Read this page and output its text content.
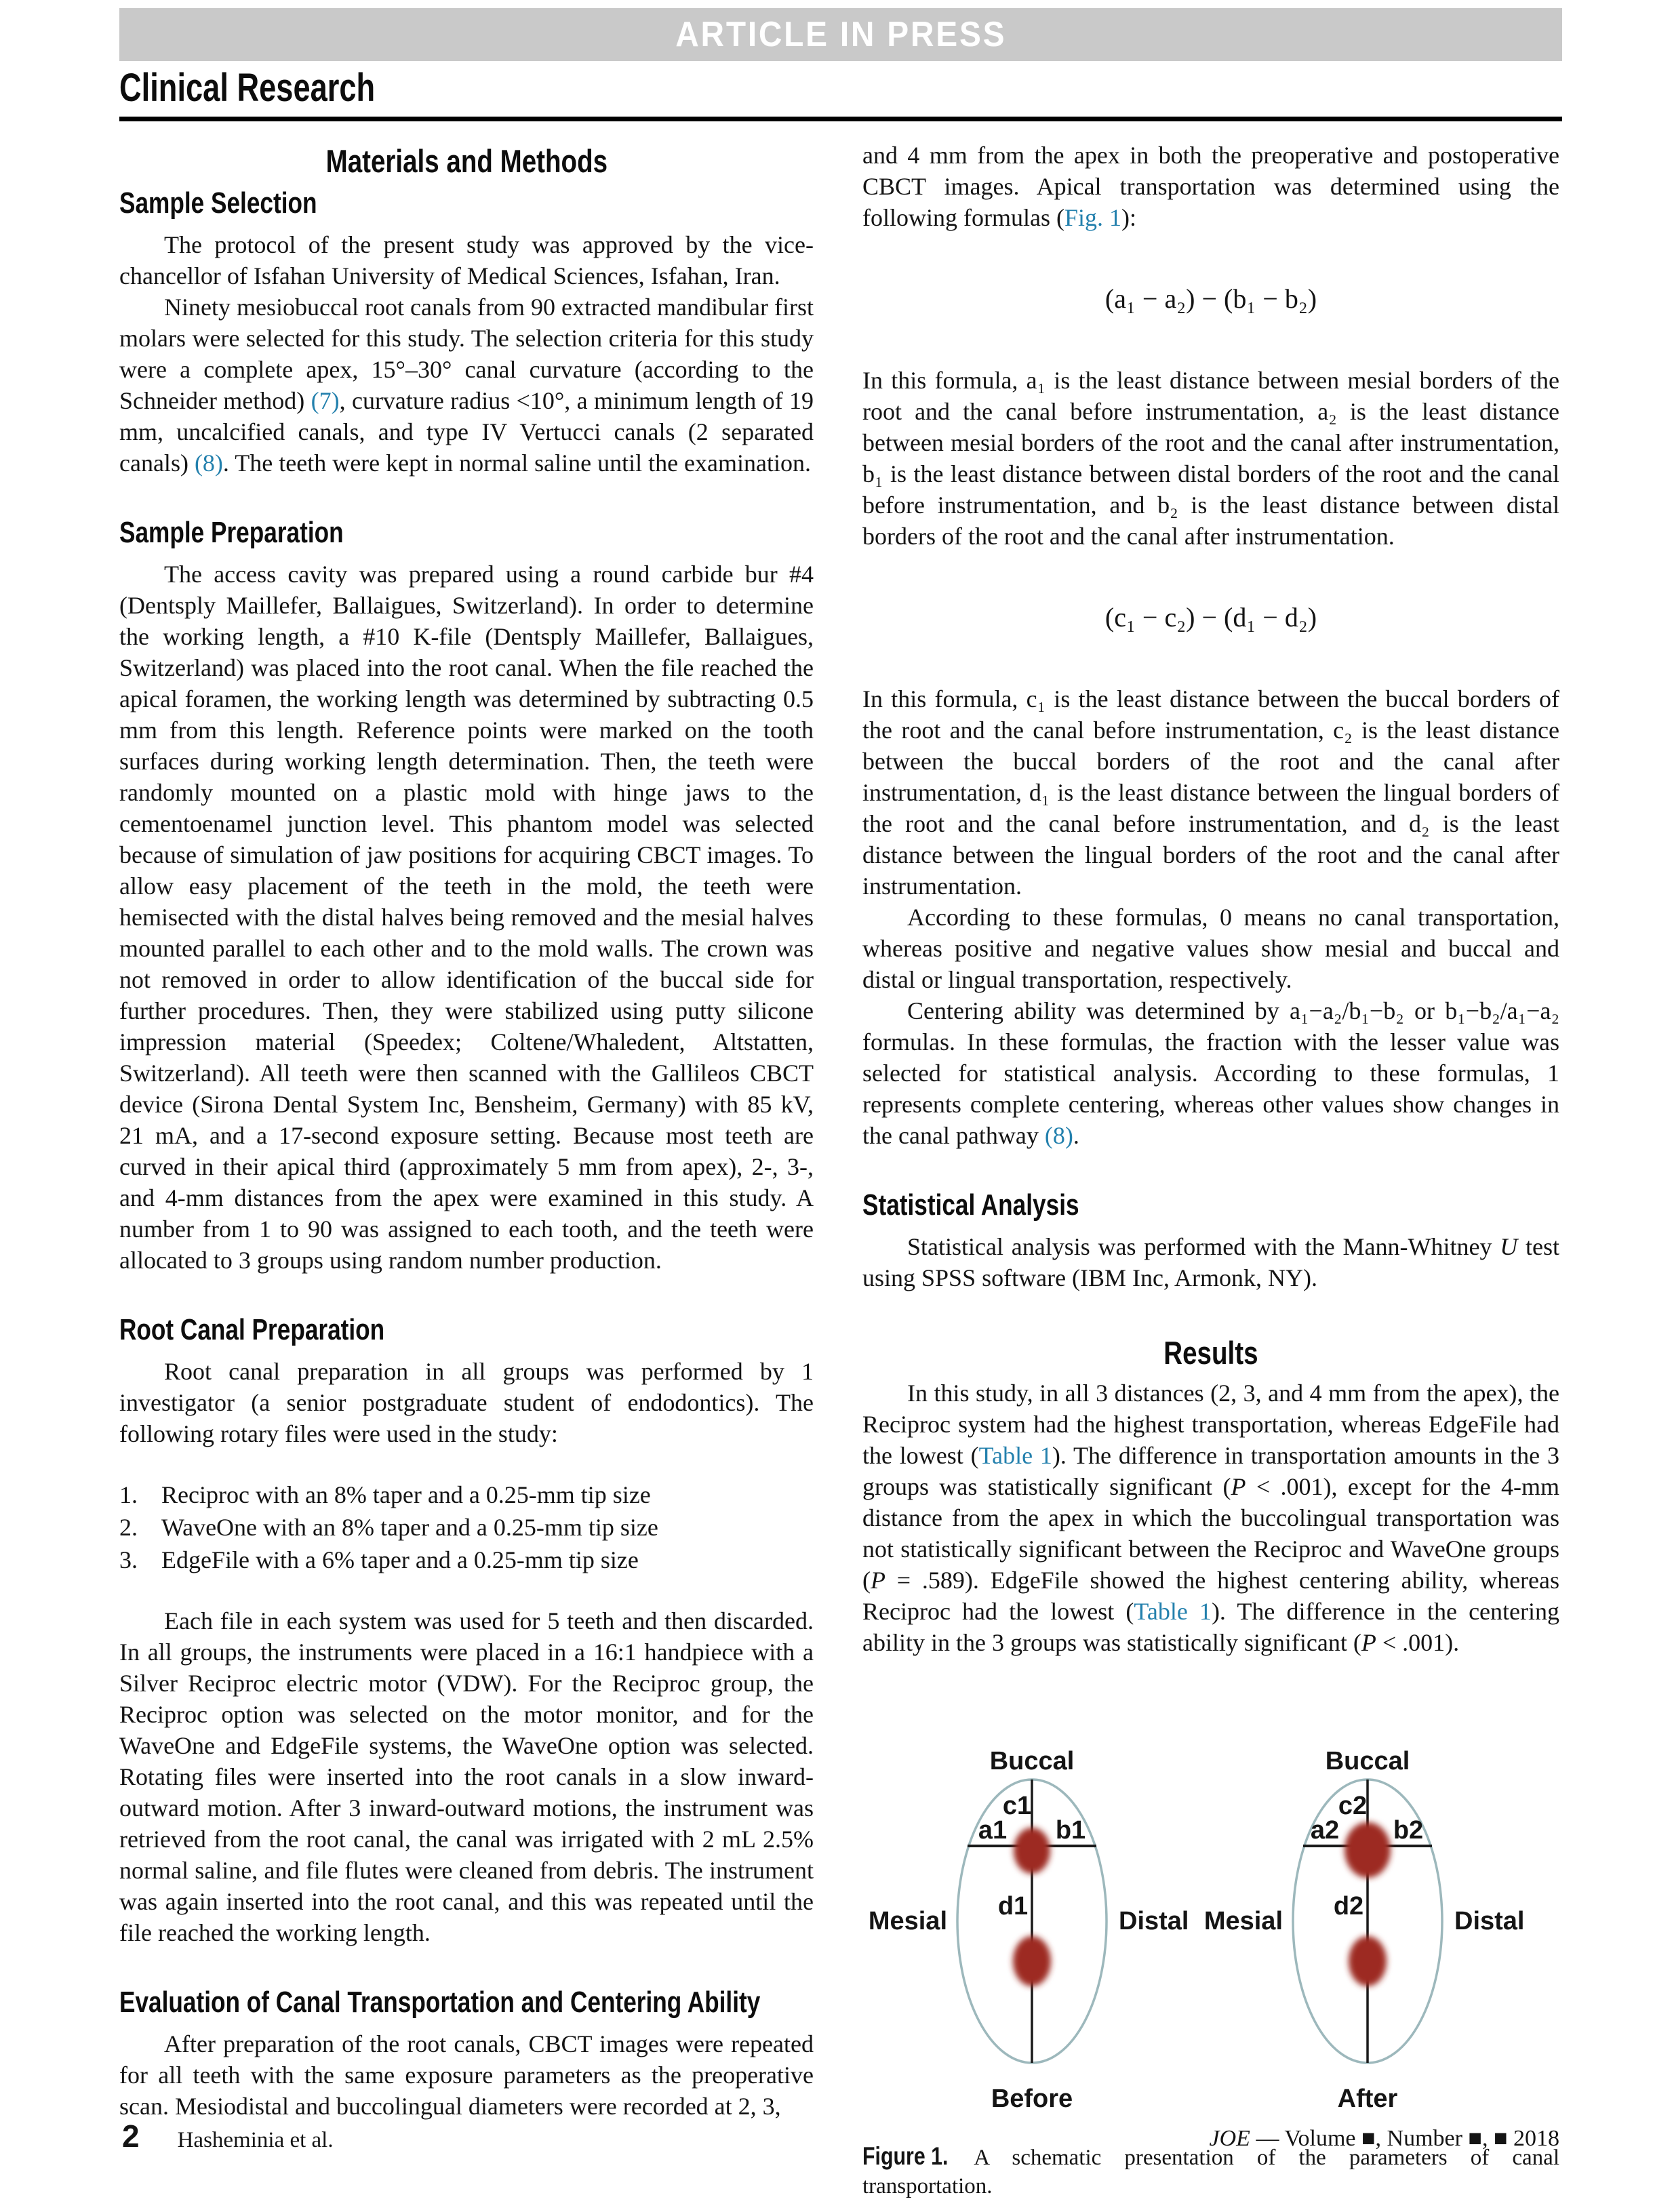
ARTICLE IN PRESS
Clinical Research
Materials and Methods
Sample Selection

The protocol of the present study was approved by the vice-chancellor of Isfahan University of Medical Sciences, Isfahan, Iran.

Ninety mesiobuccal root canals from 90 extracted mandibular first molars were selected for this study. The selection criteria for this study were a complete apex, 15°–30° canal curvature (according to the Schneider method) (7), curvature radius <10°, a minimum length of 19 mm, uncalcified canals, and type IV Vertucci canals (2 separated canals) (8). The teeth were kept in normal saline until the examination.

Sample Preparation

The access cavity was prepared using a round carbide bur #4 (Dentsply Maillefer, Ballaigues, Switzerland). In order to determine the working length, a #10 K-file (Dentsply Maillefer, Ballaigues, Switzerland) was placed into the root canal. When the file reached the apical foramen, the working length was determined by subtracting 0.5 mm from this length. Reference points were marked on the tooth surfaces during working length determination. Then, the teeth were randomly mounted on a plastic mold with hinge jaws to the cementoenamel junction level. This phantom model was selected because of simulation of jaw positions for acquiring CBCT images. To allow easy placement of the teeth in the mold, the teeth were hemisected with the distal halves being removed and the mesial halves mounted parallel to each other and to the mold walls. The crown was not removed in order to allow identification of the buccal side for further procedures. Then, they were stabilized using putty silicone impression material (Speedex; Coltene/Whaledent, Altstatten, Switzerland). All teeth were then scanned with the Gallileos CBCT device (Sirona Dental System Inc, Bensheim, Germany) with 85 kV, 21 mA, and a 17-second exposure setting. Because most teeth are curved in their apical third (approximately 5 mm from apex), 2-, 3-, and 4-mm distances from the apex were examined in this study. A number from 1 to 90 was assigned to each tooth, and the teeth were allocated to 3 groups using random number production.

Root Canal Preparation

Root canal preparation in all groups was performed by 1 investigator (a senior postgraduate student of endodontics). The following rotary files were used in the study:

1. Reciproc with an 8% taper and a 0.25-mm tip size
2. WaveOne with an 8% taper and a 0.25-mm tip size
3. EdgeFile with a 6% taper and a 0.25-mm tip size

Each file in each system was used for 5 teeth and then discarded. In all groups, the instruments were placed in a 16:1 handpiece with a Silver Reciproc electric motor (VDW). For the Reciproc group, the Reciproc option was selected on the motor monitor, and for the WaveOne and EdgeFile systems, the WaveOne option was selected. Rotating files were inserted into the root canals in a slow inward-outward motion. After 3 inward-outward motions, the instrument was retrieved from the root canal, the canal was irrigated with 2 mL 2.5% normal saline, and file flutes were cleaned from debris. The instrument was again inserted into the root canal, and this was repeated until the file reached the working length.

Evaluation of Canal Transportation and Centering Ability

After preparation of the root canals, CBCT images were repeated for all teeth with the same exposure parameters as the preoperative scan. Mesiodistal and buccolingual diameters were recorded at 2, 3,

and 4 mm from the apex in both the preoperative and postoperative CBCT images. Apical transportation was determined using the following formulas (Fig. 1):

(a₁ − a₂) − (b₁ − b₂)

In this formula, a₁ is the least distance between mesial borders of the root and the canal before instrumentation, a₂ is the least distance between mesial borders of the root and the canal after instrumentation, b₁ is the least distance between distal borders of the root and the canal before instrumentation, and b₂ is the least distance between distal borders of the root and the canal after instrumentation.

(c₁ − c₂) − (d₁ − d₂)

In this formula, c₁ is the least distance between the buccal borders of the root and the canal before instrumentation, c₂ is the least distance between the buccal borders of the root and the canal after instrumentation, d₁ is the least distance between the lingual borders of the root and the canal before instrumentation, and d₂ is the least distance between the lingual borders of the root and the canal after instrumentation.

According to these formulas, 0 means no canal transportation, whereas positive and negative values show mesial and buccal and distal or lingual transportation, respectively.

Centering ability was determined by a₁−a₂/b₁−b₂ or b₁−b₂/a₁−a₂ formulas. In these formulas, the fraction with the lesser value was selected for statistical analysis. According to these formulas, 1 represents complete centering, whereas other values show changes in the canal pathway (8).

Statistical Analysis

Statistical analysis was performed with the Mann-Whitney U test using SPSS software (IBM Inc, Armonk, NY).

Results

In this study, in all 3 distances (2, 3, and 4 mm from the apex), the Reciproc system had the highest transportation, whereas EdgeFile had the lowest (Table 1). The difference in transportation amounts in the 3 groups was statistically significant (P < .001), except for the 4-mm distance from the apex in which the buccolingual transportation was not statistically significant between the Reciproc and WaveOne groups (P = .589). EdgeFile showed the highest centering ability, whereas Reciproc had the lowest (Table 1). The difference in the centering ability in the 3 groups was statistically significant (P < .001).

Buccal
c1
a1 b1
d1
Mesial	Distal
Before
Buccal
c2
a2 b2
d2
Mesial	Distal
After
Figure 1. A schematic presentation of the parameters of canal transportation.
2 Hasheminia et al.	JOE — Volume ■, Number ■, ■ 2018
